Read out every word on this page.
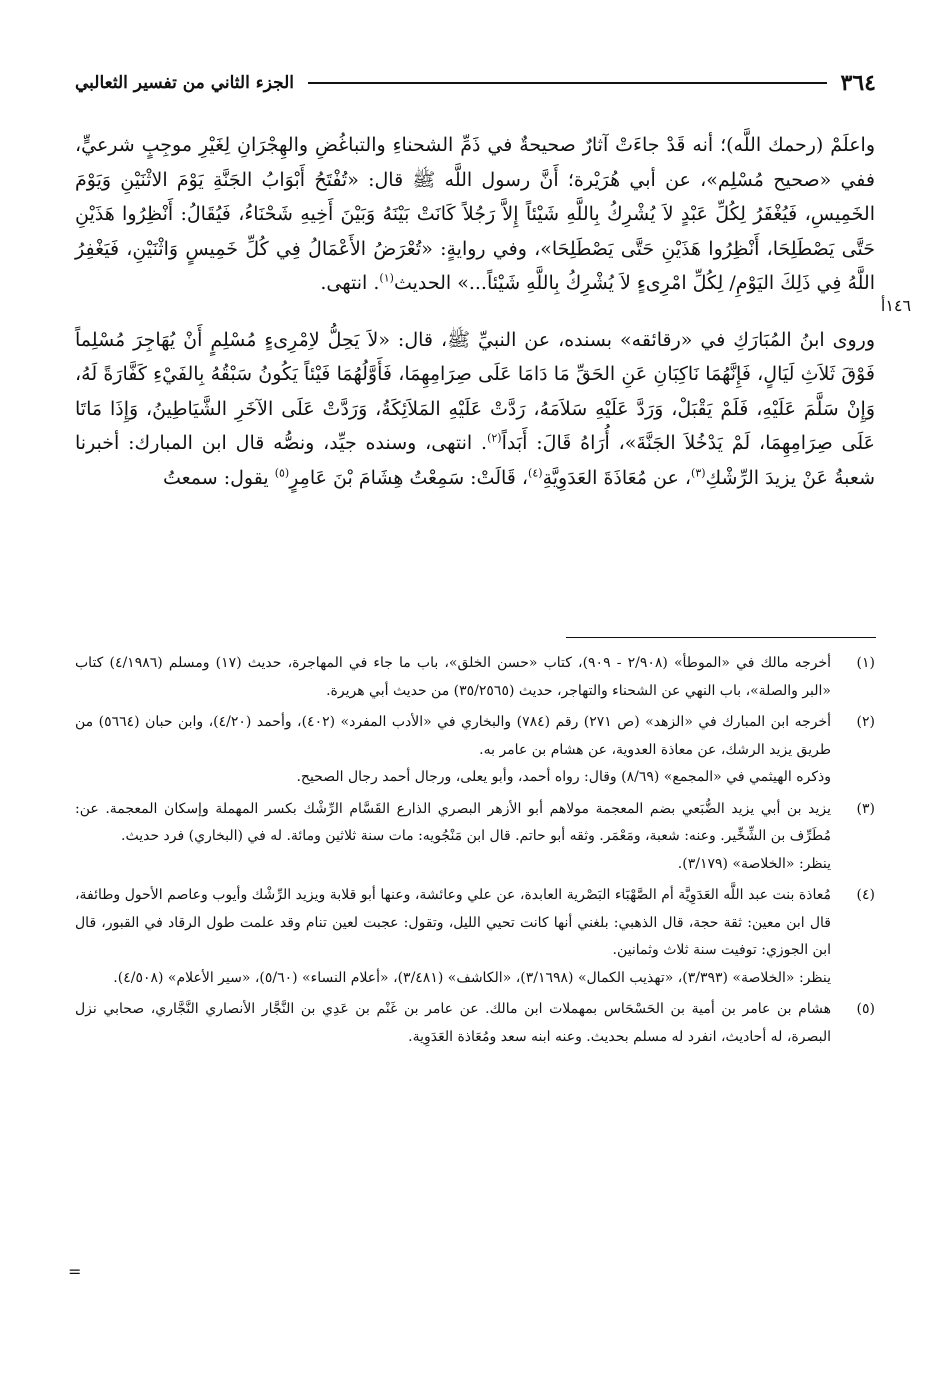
٣٦٤
الجزء الثاني من تفسير الثعالبي
١٤٦أ

واعلَمْ (رحمك اللَّه)؛ أنه قَدْ جاءَتْ آثارٌ صحيحةٌ في ذَمِّ الشحناءِ والتباغُضِ والهِجْرَانِ لِغَيْرِ موجِبٍ شرعيٍّ، ففي «صحيح مُسْلِم»، عن أبي هُرَيْرة؛ أَنَّ رسول اللَّه ﷺ قال: «تُفْتَحُ أَبْوَابُ الجَنَّةِ يَوْمَ الاثْنَيْنِ وَيَوْمَ الخَمِيسِ، فَيُغْفَرُ لِكُلِّ عَبْدٍ لاَ يُشْرِكُ بِاللَّهِ شَيْئاً إِلاَّ رَجُلاً كَانَتْ بَيْنَهُ وَبَيْنَ أَخِيهِ شَحْنَاءُ، فَيُقَالُ: أَنْظِرُوا هَذَيْنِ حَتَّى يَصْطَلِحَا، أَنْظِرُوا هَذَيْنِ حَتَّى يَصْطَلِحَا»، وفي روايةٍ: «تُعْرَضُ الأَعْمَالُ فِي كُلِّ خَمِيسٍ وَاثْنَيْنِ، فَيَغْفِرُ اللَّهُ فِي ذَلِكَ اليَوْمِ/ لِكُلِّ امْرِىءٍ لاَ يُشْرِكُ بِاللَّهِ شَيْئاً...» الحديث$^{(١)}$. انتهى.

وروى ابنُ المُبَارَكِ في «رقائقه» بسنده، عن النبيِّ ﷺ، قال: «لاَ يَحِلُّ لاِمْرِىءٍ مُسْلِمٍ أَنْ يُهَاجِرَ مُسْلِماً فَوْقَ ثَلاَثِ لَيَالٍ، فَإِنَّهُمَا نَاكِبَانِ عَنِ الحَقِّ مَا دَامَا عَلَى صِرَامِهِمَا، فَأَوَّلُهُمَا فَيْئاً يَكُونُ سَبْقُهُ بِالفَيْءِ كَفَّارَةً لَهُ، وَإِنْ سَلَّمَ عَلَيْهِ، فَلَمْ يَقْبَلْ، وَرَدَّ عَلَيْهِ سَلاَمَهُ، رَدَّتْ عَلَيْهِ المَلاَئِكَةُ، وَرَدَّتْ عَلَى الآخَرِ الشَّيَاطِينُ، وَإِذَا مَاتَا عَلَى صِرَامِهِمَا، لَمْ يَدْخُلاَ الجَنَّةَ»، أُرَاهُ قَالَ: أَبَداً$^{(٢)}$. انتهى، وسنده جيِّد، ونصُّه قال ابن المبارك: أخبرنا شعبةُ عَنْ يزيدَ الرِّشْكِ$^{(٣)}$، عن مُعَاذَةَ العَدَوِيَّةِ$^{(٤)}$، قَالَتْ: سَمِعْتُ هِشَامَ بْنَ عَامِرٍ$^{(٥)}$ يقول: سمعتُ

(١)

أخرجه مالك في «الموطأ» (٢/٩٠٨ - ٩٠٩)، كتاب «حسن الخلق»، باب ما جاء في المهاجرة، حديث (١٧) ومسلم (٤/١٩٨٦) كتاب «البر والصلة»، باب النهي عن الشحناء والتهاجر، حديث (٣٥/٢٥٦٥) من حديث أبي هريرة.

(٢)

أخرجه ابن المبارك في «الزهد» (ص ٢٧١) رقم (٧٨٤) والبخاري في «الأدب المفرد» (٤٠٢)، وأحمد (٤/٢٠)، وابن حبان (٥٦٦٤) من طريق يزيد الرشك، عن معاذة العدوية، عن هشام بن عامر به.

وذكره الهيثمي في «المجمع» (٨/٦٩) وقال: رواه أحمد، وأبو يعلى، ورجال أحمد رجال الصحيح.

(٣)

يزيد بن أبي يزيد الضُّبَعي بضم المعجمة مولاهم أبو الأزهر البصري الذارع القَسَّام الرِّشْك بكسر المهملة وإسكان المعجمة. عن: مُطَرِّف بن الشِّخِّير. وعنه: شعبة، ومَعْمَر. وثقه أبو حاتم. قال ابن مَنْجُويه: مات سنة ثلاثين ومائة. له في (البخاري) فرد حديث.

ينظر: «الخلاصة» (٣/١٧٩).

(٤)

مُعاذة بنت عبد اللَّه العَدَوِيَّة أم الصَّهْبَاء البَصْرية العابدة، عن علي وعائشة، وعنها أبو قلابة ويزيد الرِّشْك وأيوب وعاصم الأحول وطائفة، قال ابن معين: ثقة حجة، قال الذهبي: بلغني أنها كانت تحيي الليل، وتقول: عجبت لعين تنام وقد علمت طول الرقاد في القبور، قال ابن الجوزي: توفيت سنة ثلاث وثمانين.

ينظر: «الخلاصة» (٣/٣٩٣)، «تهذيب الكمال» (٣/١٦٩٨)، «الكاشف» (٣/٤٨١)، «أعلام النساء» (٥/٦٠)، «سير الأعلام» (٤/٥٠٨).

(٥)

هشام بن عامر بن أمية بن الحَسْحَاس بمهملات ابن مالك. عن عامر بن غَنْم بن عَدِي بن النَّجَّار الأنصاري النَّجَّاري، صحابي نزل البصرة، له أحاديث، انفرد له مسلم بحديث. وعنه ابنه سعد ومُعَاذة العَدَوِية.

=
